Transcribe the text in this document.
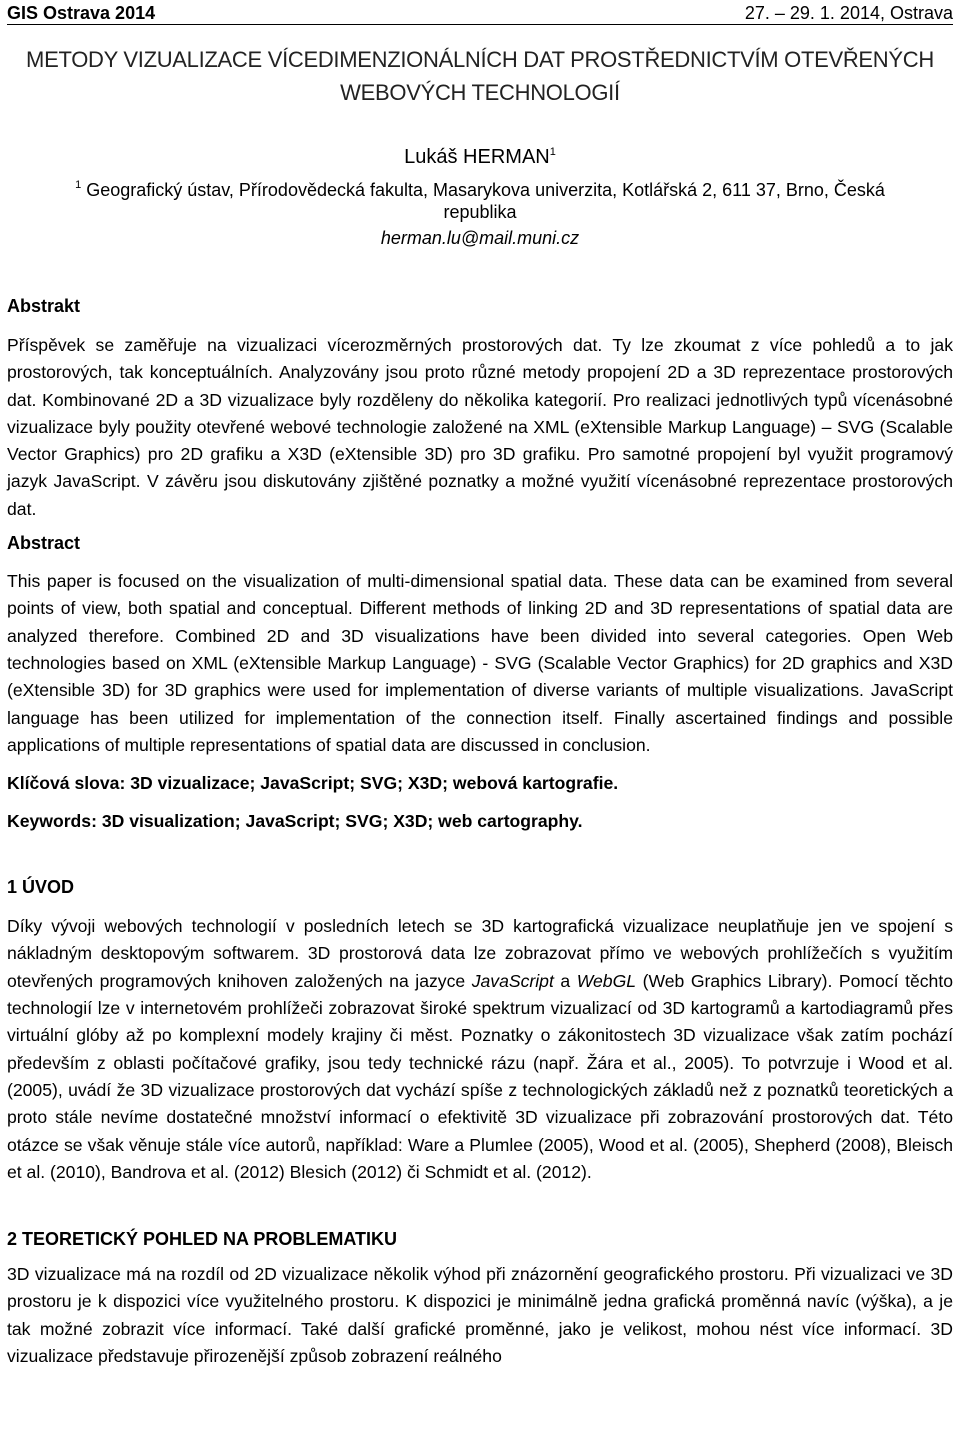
GIS Ostrava 2014	27. – 29. 1. 2014, Ostrava
METODY VIZUALIZACE VÍCEDIMENZIONÁLNÍCH DAT PROSTŘEDNICTVÍM OTEVŘENÝCH WEBOVÝCH TECHNOLOGIÍ
Lukáš HERMAN$^1$
$^1$ Geografický ústav, Přírodovědecká fakulta, Masarykova univerzita, Kotlářská 2, 611 37, Brno, Česká republika
herman.lu@mail.muni.cz
Abstrakt

Příspěvek se zaměřuje na vizualizaci vícerozměrných prostorových dat. Ty lze zkoumat z více pohledů a to jak prostorových, tak konceptuálních. Analyzovány jsou proto různé metody propojení 2D a 3D reprezentace prostorových dat. Kombinované 2D a 3D vizualizace byly rozděleny do několika kategorií. Pro realizaci jednotlivých typů vícenásobné vizualizace byly použity otevřené webové technologie založené na XML (eXtensible Markup Language) – SVG (Scalable Vector Graphics) pro 2D grafiku a X3D (eXtensible 3D) pro 3D grafiku. Pro samotné propojení byl využit programový jazyk JavaScript. V závěru jsou diskutovány zjištěné poznatky a možné využití vícenásobné reprezentace prostorových dat.

Abstract

This paper is focused on the visualization of multi-dimensional spatial data. These data can be examined from several points of view, both spatial and conceptual. Different methods of linking 2D and 3D representations of spatial data are analyzed therefore. Combined 2D and 3D visualizations have been divided into several categories. Open Web technologies based on XML (eXtensible Markup Language) - SVG (Scalable Vector Graphics) for 2D graphics and X3D (eXtensible 3D) for 3D graphics were used for implementation of diverse variants of multiple visualizations. JavaScript language has been utilized for implementation of the connection itself. Finally ascertained findings and possible applications of multiple representations of spatial data are discussed in conclusion.

Klíčová slova: 3D vizualizace; JavaScript; SVG; X3D; webová kartografie.
Keywords: 3D visualization; JavaScript; SVG; X3D; web cartography.
1 ÚVOD

Díky vývoji webových technologií v posledních letech se 3D kartografická vizualizace neuplatňuje jen ve spojení s nákladným desktopovým softwarem. 3D prostorová data lze zobrazovat přímo ve webových prohlížečích s využitím otevřených programových knihoven založených na jazyce JavaScript a WebGL (Web Graphics Library). Pomocí těchto technologií lze v internetovém prohlížeči zobrazovat široké spektrum vizualizací od 3D kartogramů a kartodiagramů přes virtuální glóby až po komplexní modely krajiny či měst. Poznatky o zákonitostech 3D vizualizace však zatím pochází především z oblasti počítačové grafiky, jsou tedy technické rázu (např. Žára et al., 2005). To potvrzuje i Wood et al. (2005), uvádí že 3D vizualizace prostorových dat vychází spíše z technologických základů než z poznatků teoretických a proto stále nevíme dostatečné množství informací o efektivitě 3D vizualizace při zobrazování prostorových dat. Této otázce se však věnuje stále více autorů, například: Ware a Plumlee (2005), Wood et al. (2005), Shepherd (2008), Bleisch et al. (2010), Bandrova et al. (2012) Blesich (2012) či Schmidt et al. (2012).

2 TEORETICKÝ POHLED NA PROBLEMATIKU

3D vizualizace má na rozdíl od 2D vizualizace několik výhod při znázornění geografického prostoru. Při vizualizaci ve 3D prostoru je k dispozici více využitelného prostoru. K dispozici je minimálně jedna grafická proměnná navíc (výška), a je tak možné zobrazit více informací. Také další grafické proměnné, jako je velikost, mohou nést více informací. 3D vizualizace představuje přirozenější způsob zobrazení reálného
